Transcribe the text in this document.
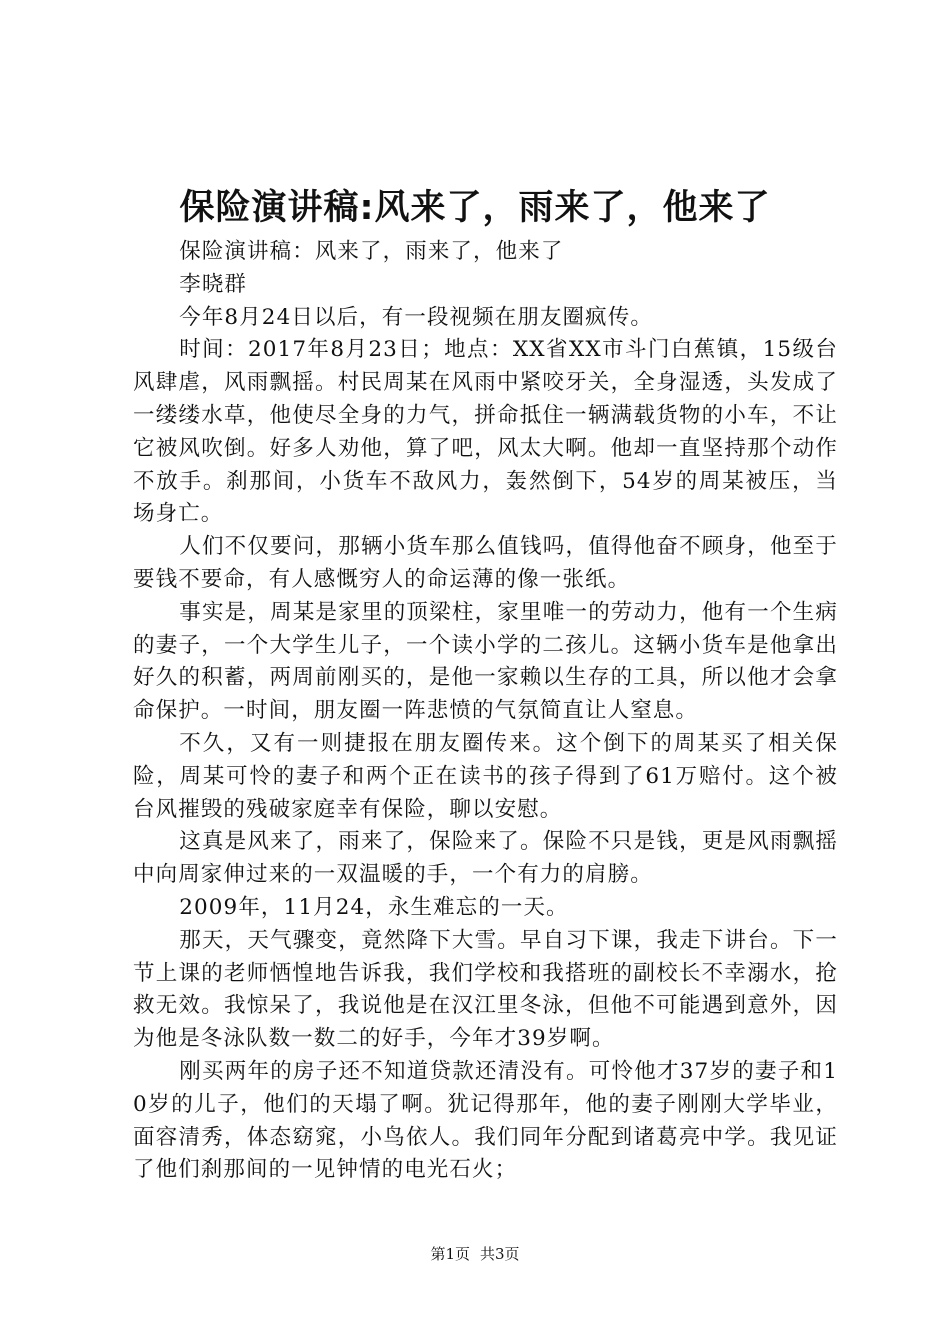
保险演讲稿:风来了，雨来了，他来了

保险演讲稿：风来了，雨来了，他来了

李晓群

今年8月24日以后，有一段视频在朋友圈疯传。

时间：2017年8月23日；地点：XX省XX市斗门白蕉镇，15级台风肆虐，风雨飘摇。村民周某在风雨中紧咬牙关，全身湿透，头发成了一缕缕水草，他使尽全身的力气，拼命抵住一辆满载货物的小车，不让它被风吹倒。好多人劝他，算了吧，风太大啊。他却一直坚持那个动作不放手。刹那间，小货车不敌风力，轰然倒下，54岁的周某被压，当场身亡。

人们不仅要问，那辆小货车那么值钱吗，值得他奋不顾身，他至于要钱不要命，有人感慨穷人的命运薄的像一张纸。

事实是，周某是家里的顶梁柱，家里唯一的劳动力，他有一个生病的妻子，一个大学生儿子，一个读小学的二孩儿。这辆小货车是他拿出好久的积蓄，两周前刚买的，是他一家赖以生存的工具，所以他才会拿命保护。一时间，朋友圈一阵悲愤的气氛简直让人窒息。

不久，又有一则捷报在朋友圈传来。这个倒下的周某买了相关保险，周某可怜的妻子和两个正在读书的孩子得到了61万赔付。这个被台风摧毁的残破家庭幸有保险，聊以安慰。

这真是风来了，雨来了，保险来了。保险不只是钱，更是风雨飘摇中向周家伸过来的一双温暖的手，一个有力的肩膀。

2009年，11月24，永生难忘的一天。

那天，天气骤变，竟然降下大雪。早自习下课，我走下讲台。下一节上课的老师恓惶地告诉我，我们学校和我搭班的副校长不幸溺水，抢救无效。我惊呆了，我说他是在汉江里冬泳，但他不可能遇到意外，因为他是冬泳队数一数二的好手，今年才39岁啊。

刚买两年的房子还不知道贷款还清没有。可怜他才37岁的妻子和10岁的儿子，他们的天塌了啊。犹记得那年，他的妻子刚刚大学毕业，面容清秀，体态窈窕，小鸟依人。我们同年分配到诸葛亮中学。我见证了他们刹那间的一见钟情的电光石火；

第1页 共3页
